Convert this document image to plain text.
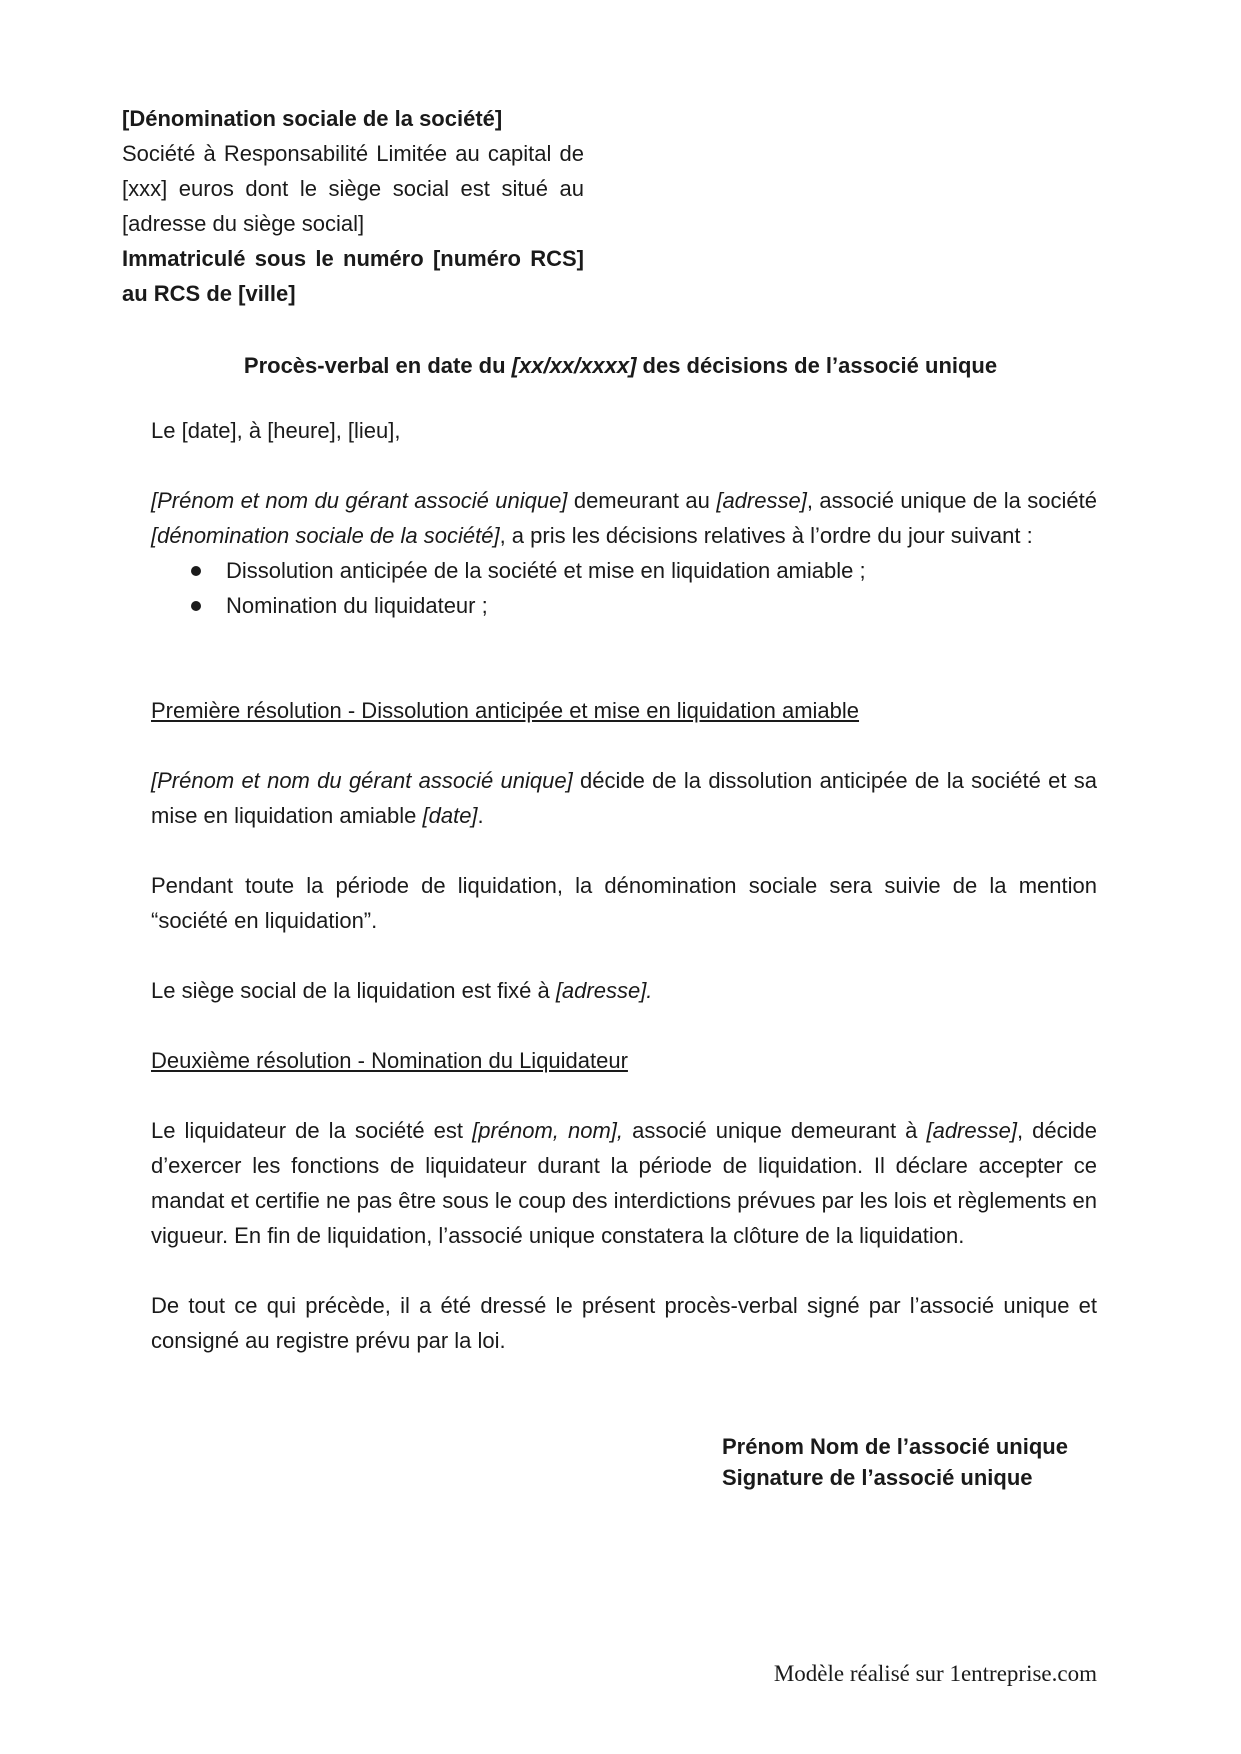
[Dénomination sociale de la société]
Société à Responsabilité Limitée au capital de [xxx] euros dont le siège social est situé au [adresse du siège social]
Immatriculé sous le numéro [numéro RCS] au RCS de [ville]
Procès-verbal en date du [xx/xx/xxxx] des décisions de l’associé unique

Le [date], à [heure], [lieu],

[Prénom et nom du gérant associé unique] demeurant au [adresse], associé unique de la société [dénomination sociale de la société], a pris les décisions relatives à l’ordre du jour suivant :

Dissolution anticipée de la société et mise en liquidation amiable ;
Nomination du liquidateur ;

Première résolution - Dissolution anticipée et mise en liquidation amiable

[Prénom et nom du gérant associé unique] décide de la dissolution anticipée de la société et sa mise en liquidation amiable [date].

Pendant toute la période de liquidation, la dénomination sociale sera suivie de la mention “société en liquidation”.

Le siège social de la liquidation est fixé à [adresse].

Deuxième résolution - Nomination du Liquidateur

Le liquidateur de la société est [prénom, nom], associé unique demeurant à [adresse], décide d’exercer les fonctions de liquidateur durant la période de liquidation. Il déclare accepter ce mandat et certifie ne pas être sous le coup des interdictions prévues par les lois et règlements en vigueur. En fin de liquidation, l’associé unique constatera la clôture de la liquidation.

De tout ce qui précède, il a été dressé le présent procès-verbal signé par l’associé unique et consigné au registre prévu par la loi.

Prénom Nom de l’associé unique
Signature de l’associé unique
Modèle réalisé sur 1entreprise.com
